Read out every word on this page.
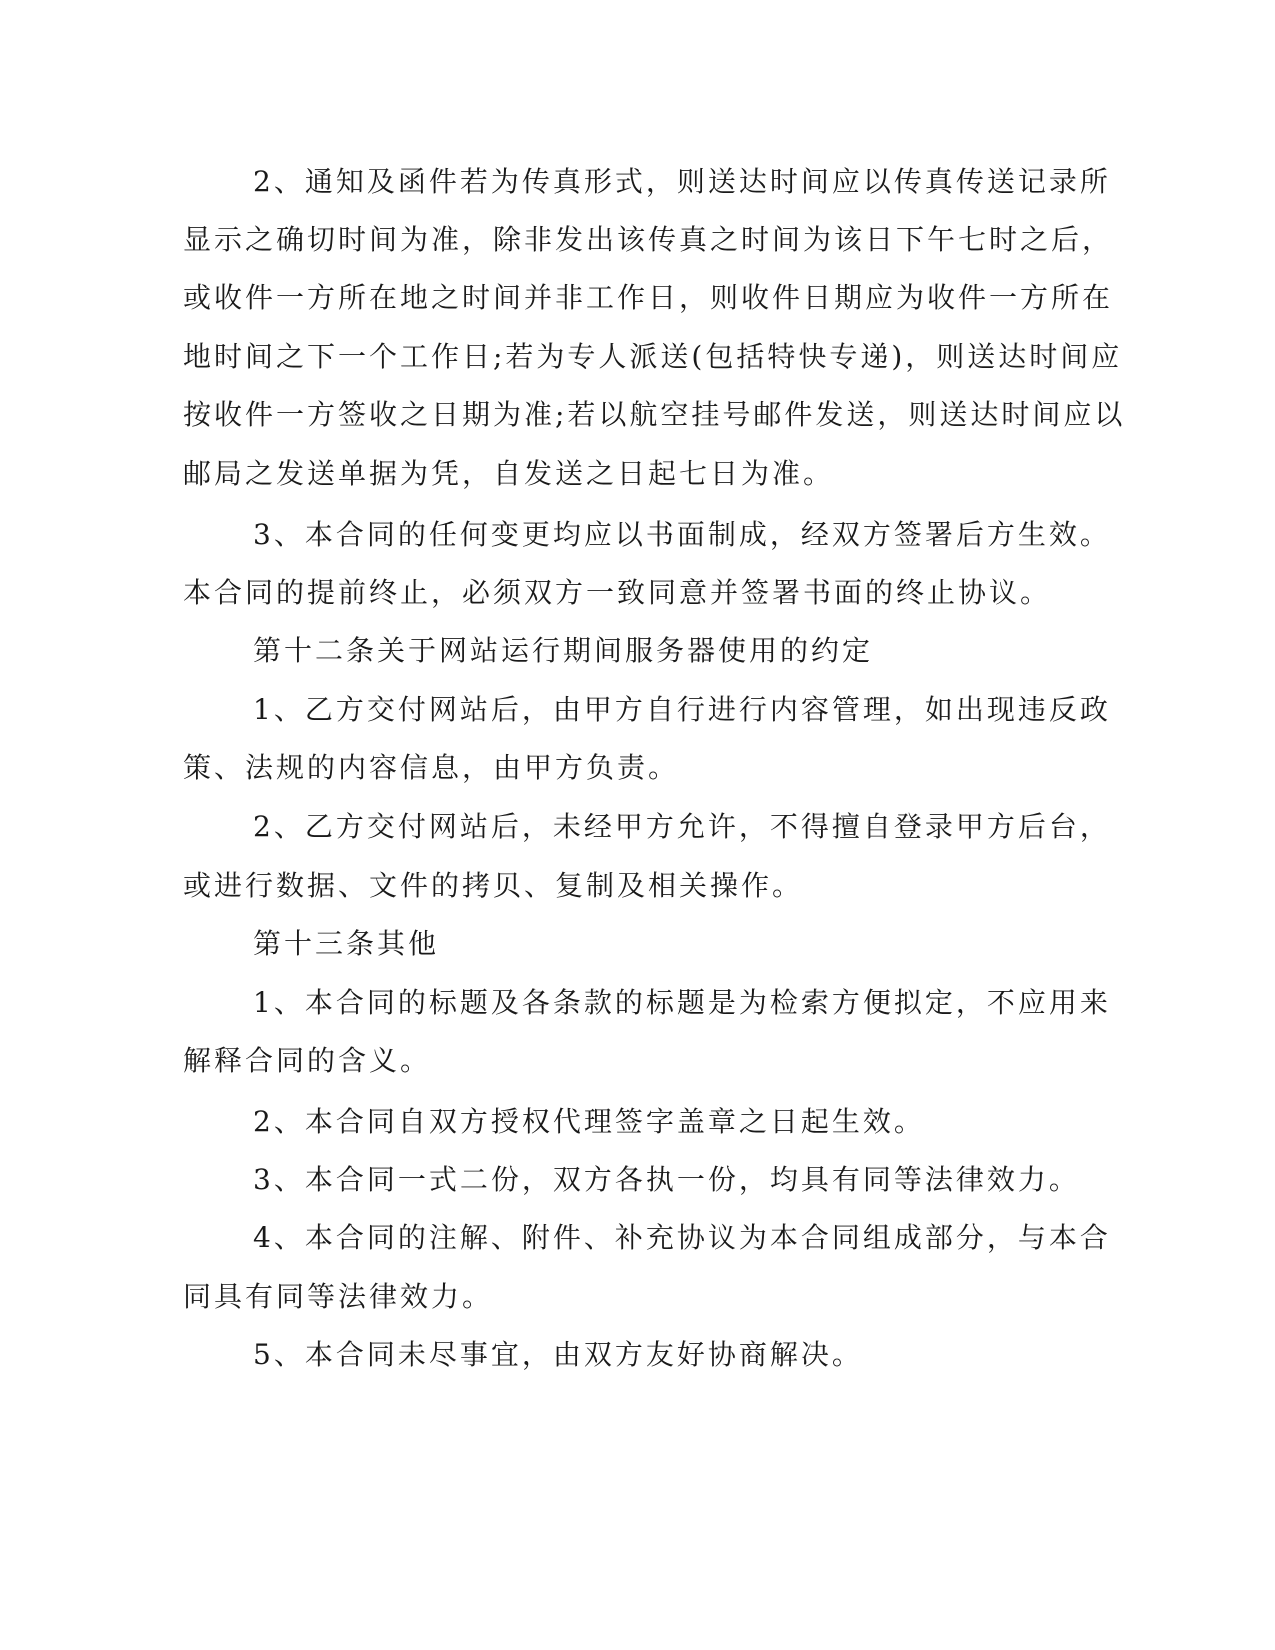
2、通知及函件若为传真形式，则送达时间应以传真传送记录所
显示之确切时间为准，除非发出该传真之时间为该日下午七时之后，
或收件一方所在地之时间并非工作日，则收件日期应为收件一方所在
地时间之下一个工作日;若为专人派送(包括特快专递)，则送达时间应
按收件一方签收之日期为准;若以航空挂号邮件发送，则送达时间应以
邮局之发送单据为凭，自发送之日起七日为准。
3、本合同的任何变更均应以书面制成，经双方签署后方生效。
本合同的提前终止，必须双方一致同意并签署书面的终止协议。
第十二条关于网站运行期间服务器使用的约定
1、乙方交付网站后，由甲方自行进行内容管理，如出现违反政
策、法规的内容信息，由甲方负责。
2、乙方交付网站后，未经甲方允许，不得擅自登录甲方后台，
或进行数据、文件的拷贝、复制及相关操作。
第十三条其他
1、本合同的标题及各条款的标题是为检索方便拟定，不应用来
解释合同的含义。
2、本合同自双方授权代理签字盖章之日起生效。
3、本合同一式二份，双方各执一份，均具有同等法律效力。
4、本合同的注解、附件、补充协议为本合同组成部分，与本合
同具有同等法律效力。
5、本合同未尽事宜，由双方友好协商解决。
